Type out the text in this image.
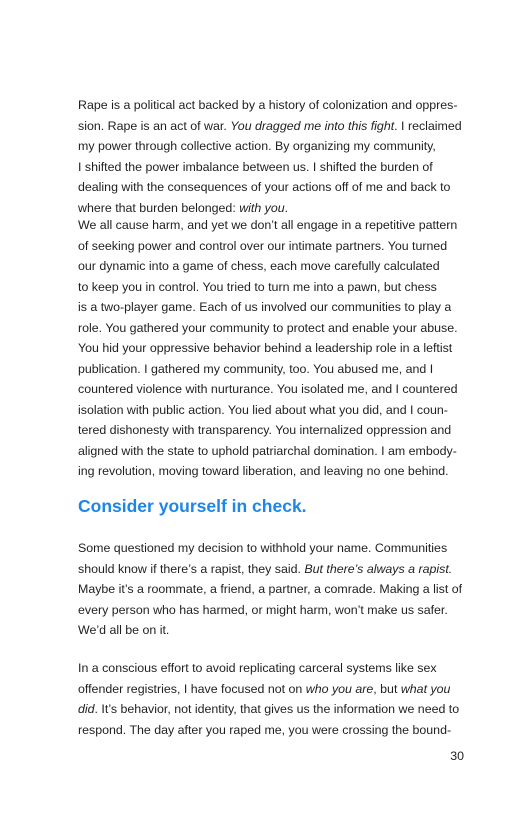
Rape is a political act backed by a history of colonization and oppres-
sion. Rape is an act of war. You dragged me into this fight. I reclaimed
my power through collective action. By organizing my community,
I shifted the power imbalance between us. I shifted the burden of
dealing with the consequences of your actions off of me and back to
where that burden belonged: with you.
We all cause harm, and yet we don’t all engage in a repetitive pattern
of seeking power and control over our intimate partners. You turned
our dynamic into a game of chess, each move carefully calculated
to keep you in control. You tried to turn me into a pawn, but chess
is a two-player game. Each of us involved our communities to play a
role. You gathered your community to protect and enable your abuse.
You hid your oppressive behavior behind a leadership role in a leftist
publication. I gathered my community, too. You abused me, and I
countered violence with nurturance. You isolated me, and I countered
isolation with public action. You lied about what you did, and I coun-
tered dishonesty with transparency. You internalized oppression and
aligned with the state to uphold patriarchal domination. I am embody-
ing revolution, moving toward liberation, and leaving no one behind.
Consider yourself in check.
Some questioned my decision to withhold your name. Communities
should know if there’s a rapist, they said. But there’s always a rapist.
Maybe it’s a roommate, a friend, a partner, a comrade. Making a list of
every person who has harmed, or might harm, won’t make us safer.
We’d all be on it.
In a conscious effort to avoid replicating carceral systems like sex
offender registries, I have focused not on who you are, but what you
did. It’s behavior, not identity, that gives us the information we need to
respond. The day after you raped me, you were crossing the bound-
30
